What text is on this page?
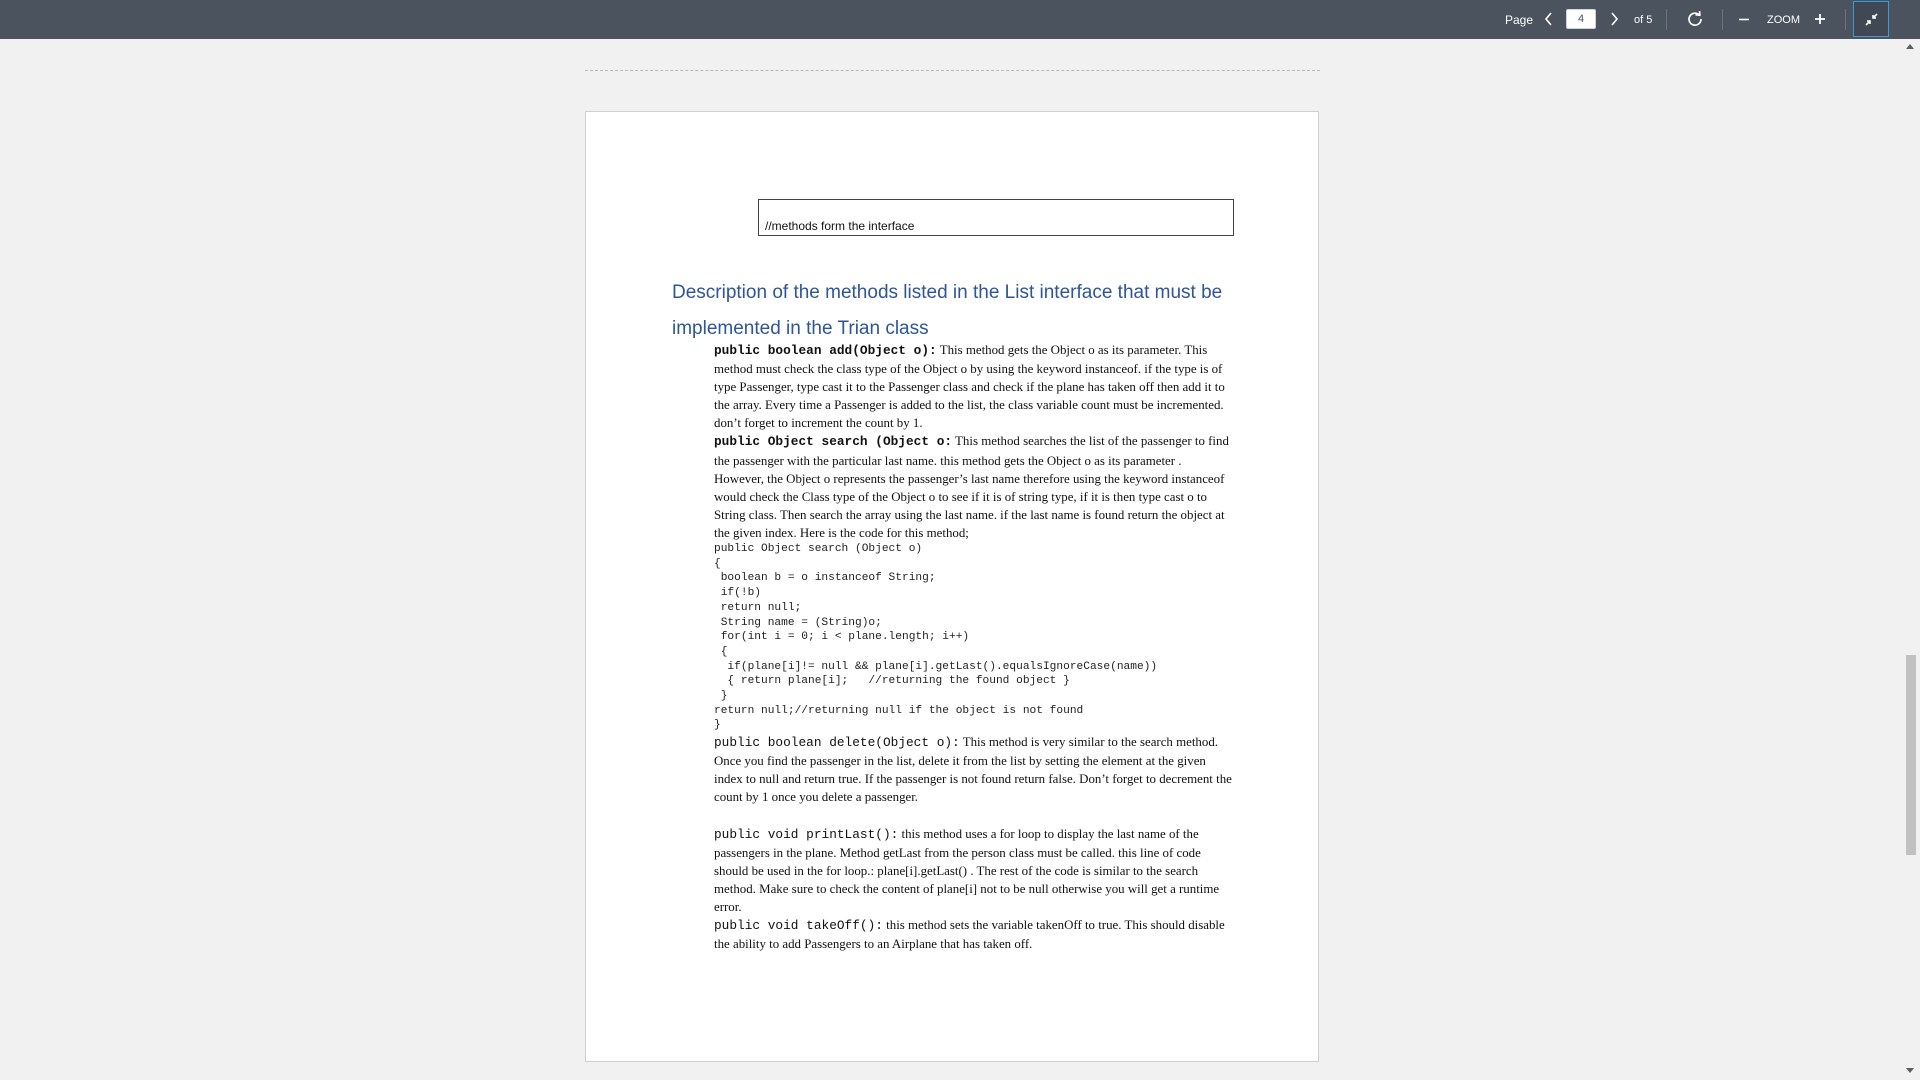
Page
4	of 5	ZOOM
//methods form the interface
Description of the methods listed in the List interface that must be implemented in the Trian class

public boolean add(Object o): This method gets the Object o as its parameter. This method must check the class type of the Object o by using the keyword instanceof. if the type is of type Passenger, type cast it to the Passenger class and check if the plane has taken off then add it to the array. Every time a Passenger is added to the list, the class variable count must be incremented. don’t forget to increment the count by 1.

public Object search (Object o: This method searches the list of the passenger to find the passenger with the particular last name. this method gets the Object o as its parameter . However, the Object o represents the passenger’s last name therefore using the keyword instanceof would check the Class type of the Object o to see if it is of string type, if it is then type cast o to String class. Then search the array using the last name. if the last name is found return the object at the given index. Here is the code for this method;

public Object search (Object o)
{
boolean b = o instanceof String;
if(!b)
return null;
String name = (String)o;
for(int i = 0; i < plane.length; i++)
{
if(plane[i]!= null && plane[i].getLast().equalsIgnoreCase(name))
{ return plane[i];   //returning the found object }
}
return null;//returning null if the object is not found
}

public boolean delete(Object o): This method is very similar to the search method. Once you find the passenger in the list, delete it from the list by setting the element at the given index to null and return true. If the passenger is not found return false. Don’t forget to decrement the count by 1 once you delete a passenger.

public void printLast(): this method uses a for loop to display the last name of the passengers in the plane. Method getLast from the person class must be called. this line of code should be used in the for loop.: plane[i].getLast() . The rest of the code is similar to the search method. Make sure to check the content of plane[i] not to be null otherwise you will get a runtime error.

public void takeOff(): this method sets the variable takenOff to true. This should disable the ability to add Passengers to an Airplane that has taken off.
